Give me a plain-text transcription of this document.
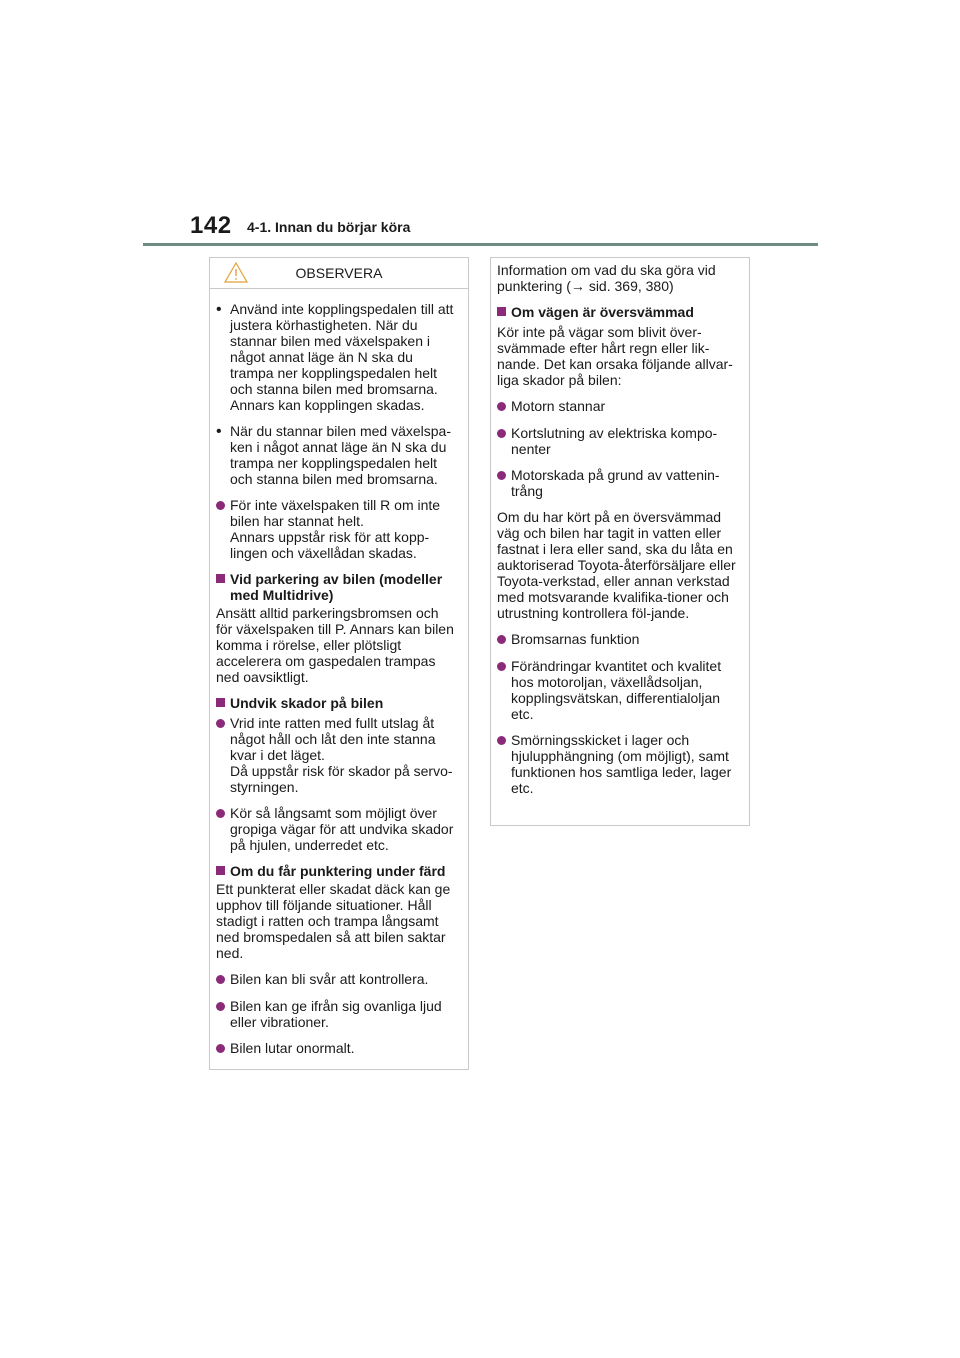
142 4-1. Innan du börjar köra
OBSERVERA
• Använd inte kopplingspedalen till att justera körhastigheten. När du stannar bilen med växelspaken i något annat läge än N ska du trampa ner kopplingspedalen helt och stanna bilen med bromsarna. Annars kan kopplingen skadas.

• När du stannar bilen med växelspa-ken i något annat läge än N ska du trampa ner kopplingspedalen helt och stanna bilen med bromsarna.

För inte växelspaken till R om inte bilen har stannat helt.

Annars uppstår risk för att kopp-lingen och växellådan skadas.

Vid parkering av bilen (modeller med Multidrive)

Ansätt alltid parkeringsbromsen och för växelspaken till P. Annars kan bilen komma i rörelse, eller plötsligt accelerera om gaspedalen trampas ned oavsiktligt.

Undvik skador på bilen

Vrid inte ratten med fullt utslag åt något håll och låt den inte stanna kvar i det läget.

Då uppstår risk för skador på servo-styrningen.

Kör så långsamt som möjligt över gropiga vägar för att undvika skador på hjulen, underredet etc.

Om du får punktering under färd

Ett punkterat eller skadat däck kan ge upphov till följande situationer. Håll stadigt i ratten och trampa långsamt ned bromspedalen så att bilen saktar ned.

Bilen kan bli svår att kontrollera.

Bilen kan ge ifrån sig ovanliga ljud eller vibrationer.

Bilen lutar onormalt.

Information om vad du ska göra vid punktering (→ sid. 369, 380)

Om vägen är översvämmad

Kör inte på vägar som blivit över-svämmade efter hårt regn eller lik-nande. Det kan orsaka följande allvar-liga skador på bilen:

Motorn stannar

Kortslutning av elektriska kompo-nenter

Motorskada på grund av vattenin-trång

Om du har kört på en översvämmad väg och bilen har tagit in vatten eller fastnat i lera eller sand, ska du låta en auktoriserad Toyota-återförsäljare eller Toyota-verkstad, eller annan verkstad med motsvarande kvalifika-tioner och utrustning kontrollera föl-jande.

Bromsarnas funktion

Förändringar kvantitet och kvalitet hos motoroljan, växellådsoljan, kopplingsvätskan, differentialoljan etc.

Smörningsskicket i lager och hjulupphängning (om möjligt), samt funktionen hos samtliga leder, lager etc.
